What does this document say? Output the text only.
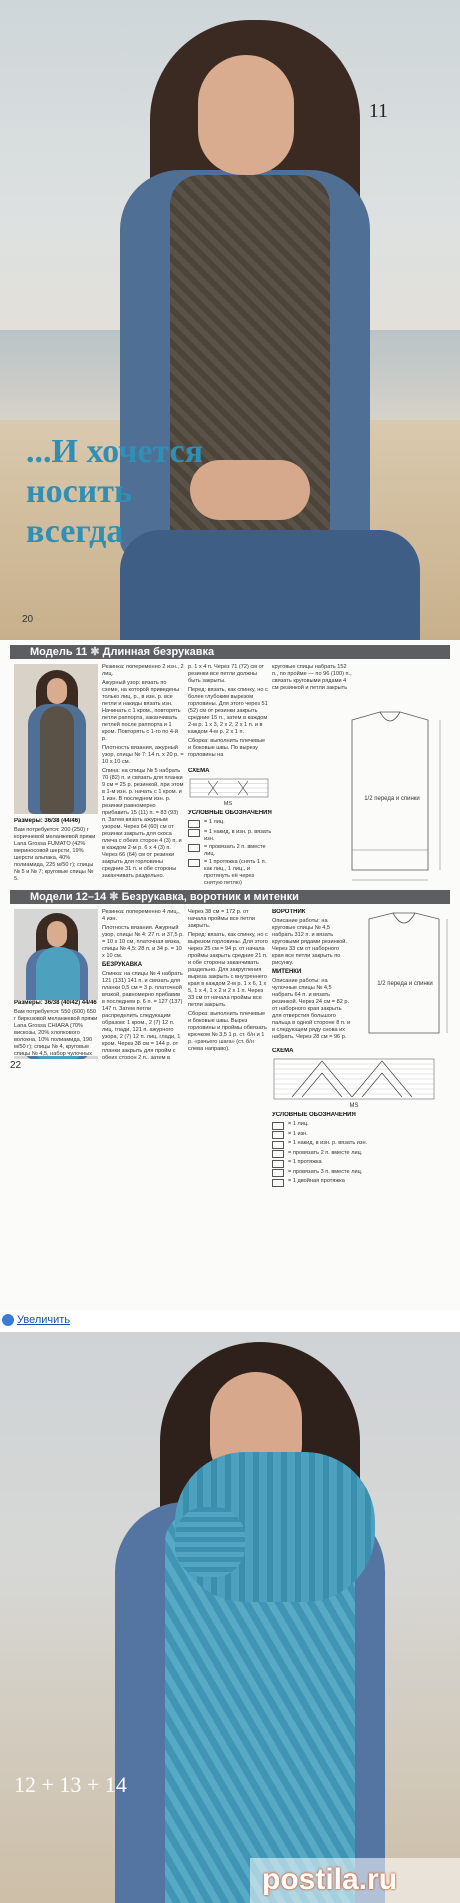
11
...И хочется
носить
всегда
20
Модель 11 ✱ Длинная безрукавка

Размеры: 36/38 (44/46)

Вам потребуется: 200 (250) г коричневой меланжевой пряжи Lana Grossa FUMATO (42% мериносовой шерсти, 19% шерсти альпака, 40% полиамида, 225 м/50 г); спицы № 5 и № 7; круговые спицы № 5.

Резинка: попеременно 2 изн., 2 лиц.

Ажурный узор: вязать по схеме, на которой приведены только лиц. р., в изн. р. все петли и накиды вязать изн. Начинать с 1 кром., повторять петли раппорта, заканчивать петлей после раппорта и 1 кром. Повторять с 1-го по 4-й р.

Плотность вязания, ажурный узор, спицы № 7: 14 п. x 20 р. = 10 x 10 см.

Спина: на спицы № 5 набрать 70 (82) п. и связать для планки 9 см = 25 р. резинкой, при этом в 1-м изн. р. начать с 1 кром. и 1 изн. В последнем изн. р. резинки равномерно прибавить 15 (11) п. = 83 (93) п. Затем вязать ажурным узором. Через 64 (60) см от резинки закрыть для скоса плеча с обеих сторон 4 (3) п. и в каждом 2-м р. 6 x 4 (3) п. Через 66 (64) см от резинки закрыть для горловины средние 31 п. и обе стороны заканчивать раздельно.

р. 1 x 4 п. Через 71 (72) см от резинки все петли должны быть закрыты.

Перед: вязать, как спинку, но с более глубоким вырезом горловины. Для этого через 51 (52) см от резинки закрыть средние 15 п., затем в каждом 2-м р. 1 x 3, 2 x 2, 2 x 1 п. и в каждом 4-м р. 2 x 1 п.

Сборка: выполнить плечевые и боковые швы. По вырезу горловины на

круговые спицы набрать 152 п., по пройме — по 96 (100) п., связать круговыми рядами 4 см резинкой и петли закрыть

СХЕМА

МS

УСЛОВНЫЕ ОБОЗНАЧЕНИЯ
= 1 лиц.
= 1 накид, в изн. р. вязать изн.
= провязать 2 п. вместе лиц.
= 1 протяжка (снять 1 п. как лиц., 1 лиц., и протянуть её через снятую петлю)
1/2 переда и спинки
Модели 12–14 ✱ Безрукавка, воротник и митенки

Резинка: попеременно 4 лиц., 4 изн.

Плотность вязания. Ажурный узор, спицы № 4: 27 п. и 37,5 р. = 10 x 10 см, платочная вязка, спицы № 4,5: 28 п. и 34 р. = 10 x 10 см.

БЕЗРУКАВКА

Спинка: на спицы № 4 набрать 121 (131) 141 п. и связать для планки 0,5 см = 3 р. платочной вязкой, равномерно прибавив в последнем р. 6 п. = 127 (137) 147 п. Затем петли распределить следующим образом: 1 кром., 2 (7) 12 п. лиц. глади, 121 п. ажурного узора, 2 (7) 12 п. лиц. глади, 1 кром. Через 38 см = 144 р. от планки закрыть для пройм с обеих сторон 2 п., затем в

Через 38 см = 172 р. от начала проймы все петли закрыть.

Перед: вязать, как спинку, но с вырезом горловины. Для этого через 25 см = 94 р. от начала проймы закрыть средние 21 п. и обе стороны заканчивать раздельно. Для закругления выреза закрыть с внутреннего края в каждом 2-м р. 1 x 6, 1 x 5, 1 x 4, 1 x 2 и 2 x 1 п. Через 33 см от начала проймы все петли закрыть.

Сборка: выполнить плечевые и боковые швы. Вырез горловины и проймы обвязать крючком № 3,5 1 р. ст. б/н и 1 р. «рачьего шага» (ст. б/н слева направо).

ВОРОТНИК

Описание работы: на круговые спицы № 4,5 набрать 312 п. и вязать круговыми рядами резинкой. Через 33 см от наборного края все петли закрыть по рисунку.

МИТЕНКИ

Описание работы: на чулочные спицы № 4,5 набрать 64 п. и вязать резинкой. Через 24 см = 82 р. от наборного края закрыть для отверстия большого пальца в одной стороне 8 п. и в следующем ряду снова их набрать. Через 28 см = 96 р.

1/2 переда и спинки

СХЕМА

МS
УСЛОВНЫЕ ОБОЗНАЧЕНИЯ
= 1 лиц.
= 1 изн.
= 1 накид, в изн. р. вязать изн.
= провязать 2 п. вместе лиц.
= 1 протяжка
= провязать 3 п. вместе лиц.
= 1 двойная протяжка

Размеры: 36/38 (40/42) 44/46

Вам потребуется: 550 (600) 650 г бирюзовой меланжевой пряжи Lana Grossa CHIARA (70% вискозы, 20% хлопкового волокна, 10% полиамида, 190 м/50 г); спицы № 4, круговые спицы № 4,5, набор чулочных

22
Увеличить
12 + 13 + 14
postila.ru
